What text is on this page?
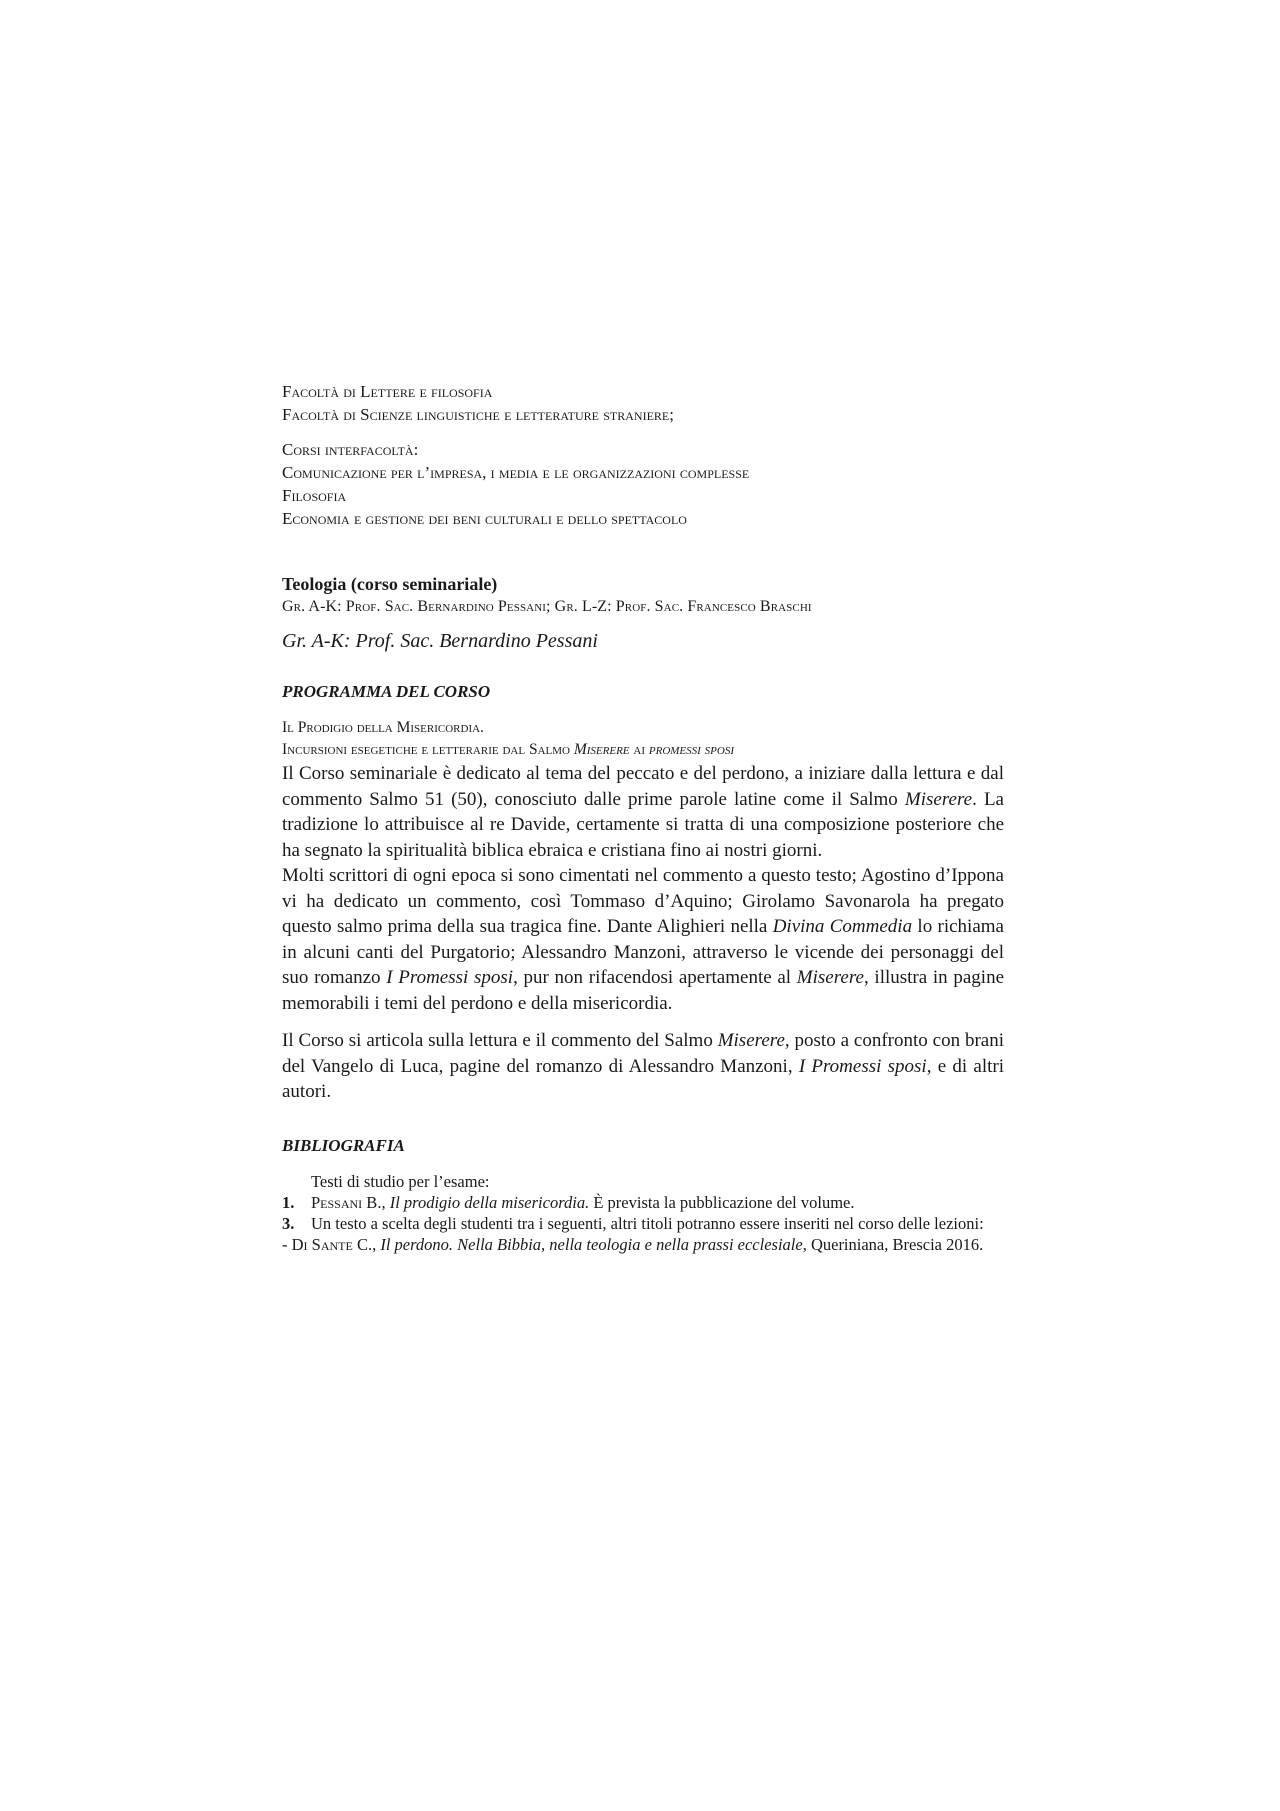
Facoltà di Lettere e filosofia
Facoltà di Scienze linguistiche e letterature straniere;
Corsi interfacoltà:
Comunicazione per l’impresa, i media e le organizzazioni complesse
Filosofia
Economia e gestione dei beni culturali e dello spettacolo
Teologia (corso seminariale)
Gr. A-K: Prof. Sac. Bernardino Pessani; Gr. L-Z: Prof. Sac. Francesco Braschi
Gr. A-K: Prof. Sac. Bernardino Pessani
PROGRAMMA DEL CORSO
Il Prodigio della Misericordia.
Incursioni esegetiche e letterarie dal Salmo Miserere ai promessi sposi

Il Corso seminariale è dedicato al tema del peccato e del perdono, a iniziare dalla lettura e dal commento Salmo 51 (50), conosciuto dalle prime parole latine come il Salmo Miserere. La tradizione lo attribuisce al re Davide, certamente si tratta di una composizione posteriore che ha segnato la spiritualità biblica ebraica e cristiana fino ai nostri giorni.

Molti scrittori di ogni epoca si sono cimentati nel commento a questo testo; Agostino d’Ippona vi ha dedicato un commento, così Tommaso d’Aquino; Girolamo Savonarola ha pregato questo salmo prima della sua tragica fine. Dante Alighieri nella Divina Commedia lo richiama in alcuni canti del Purgatorio; Alessandro Manzoni, attraverso le vicende dei personaggi del suo romanzo I Promessi sposi, pur non rifacendosi apertamente al Miserere, illustra in pagine memorabili i temi del perdono e della misericordia.

Il Corso si articola sulla lettura e il commento del Salmo Miserere, posto a confronto con brani del Vangelo di Luca, pagine del romanzo di Alessandro Manzoni, I Promessi sposi, e di altri autori.

BIBLIOGRAFIA
Testi di studio per l’esame:
1.	Pessani B., Il prodigio della misericordia. È prevista la pubblicazione del volume.
3.	Un testo a scelta degli studenti tra i seguenti, altri titoli potranno essere inseriti nel corso delle lezioni:
- Di Sante C., Il perdono. Nella Bibbia, nella teologia e nella prassi ecclesiale, Queriniana, Brescia 2016.
